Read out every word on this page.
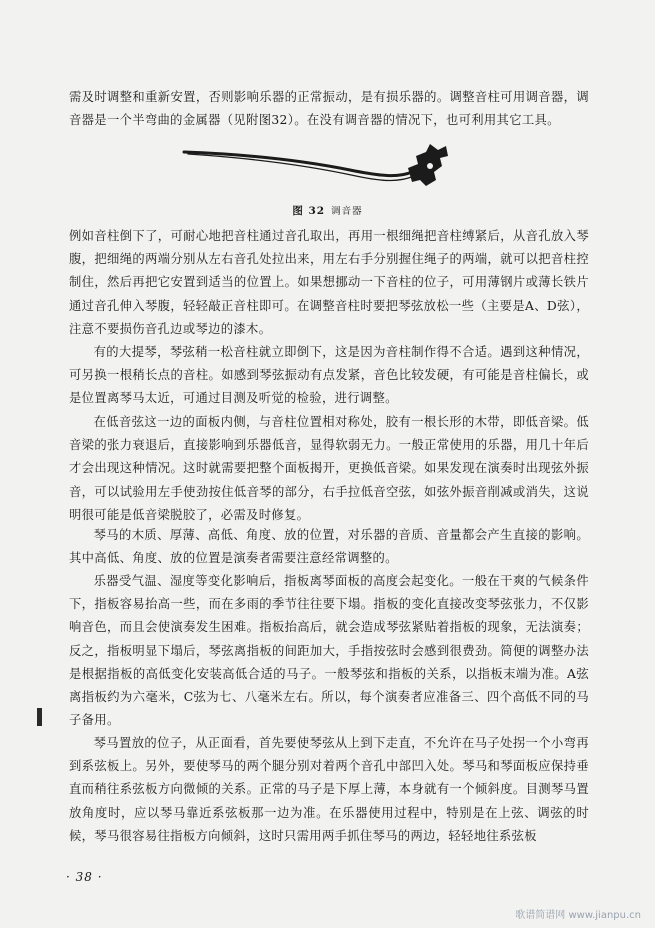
需及时调整和重新安置，否则影响乐器的正常振动，是有损乐器的。调整音柱可用调音器，调音器是一个半弯曲的金属器（见附图32）。在没有调音器的情况下，也可利用其它工具。

图 32 调音器

例如音柱倒下了，可耐心地把音柱通过音孔取出，再用一根细绳把音柱缚紧后，从音孔放入琴腹，把细绳的两端分别从左右音孔处拉出来，用左右手分别握住绳子的两端，就可以把音柱控制住，然后再把它安置到适当的位置上。如果想挪动一下音柱的位子，可用薄钢片或薄长铁片通过音孔伸入琴腹，轻轻敲正音柱即可。在调整音柱时要把琴弦放松一些（主要是A、D弦），注意不要损伤音孔边或琴边的漆木。

有的大提琴，琴弦稍一松音柱就立即倒下，这是因为音柱制作得不合适。遇到这种情况，可另换一根稍长点的音柱。如感到琴弦振动有点发紧，音色比较发硬，有可能是音柱偏长，或是位置离琴马太近，可通过目测及听觉的检验，进行调整。

在低音弦这一边的面板内侧，与音柱位置相对称处，胶有一根长形的木带，即低音梁。低音梁的张力衰退后，直接影响到乐器低音，显得软弱无力。一般正常使用的乐器，用几十年后才会出现这种情况。这时就需要把整个面板揭开，更换低音梁。如果发现在演奏时出现弦外振音，可以试验用左手使劲按住低音琴的部分，右手拉低音空弦，如弦外振音削减或消失，这说明很可能是低音梁脱胶了，必需及时修复。

琴马的木质、厚薄、高低、角度、放的位置，对乐器的音质、音量都会产生直接的影响。其中高低、角度、放的位置是演奏者需要注意经常调整的。

乐器受气温、湿度等变化影响后，指板离琴面板的高度会起变化。一般在干爽的气候条件下，指板容易抬高一些，而在多雨的季节往往要下塌。指板的变化直接改变琴弦张力，不仅影响音色，而且会使演奏发生困难。指板抬高后，就会造成琴弦紧贴着指板的现象，无法演奏；反之，指板明显下塌后，琴弦离指板的间距加大，手指按弦时会感到很费劲。简便的调整办法是根据指板的高低变化安装高低合适的马子。一般琴弦和指板的关系，以指板末端为准。A弦离指板约为六毫米，C弦为七、八毫米左右。所以，每个演奏者应准备三、四个高低不同的马子备用。

琴马置放的位子，从正面看，首先要使琴弦从上到下走直，不允许在马子处拐一个小弯再到系弦板上。另外，要使琴马的两个腿分别对着两个音孔中部凹入处。琴马和琴面板应保持垂直而稍往系弦板方向微倾的关系。正常的马子是下厚上薄，本身就有一个倾斜度。目测琴马置放角度时，应以琴马靠近系弦板那一边为准。在乐器使用过程中，特别是在上弦、调弦的时候，琴马很容易往指板方向倾斜，这时只需用两手抓住琴马的两边，轻轻地往系弦板

· 38 ·
歌谱简谱网 www.jianpu.cn
